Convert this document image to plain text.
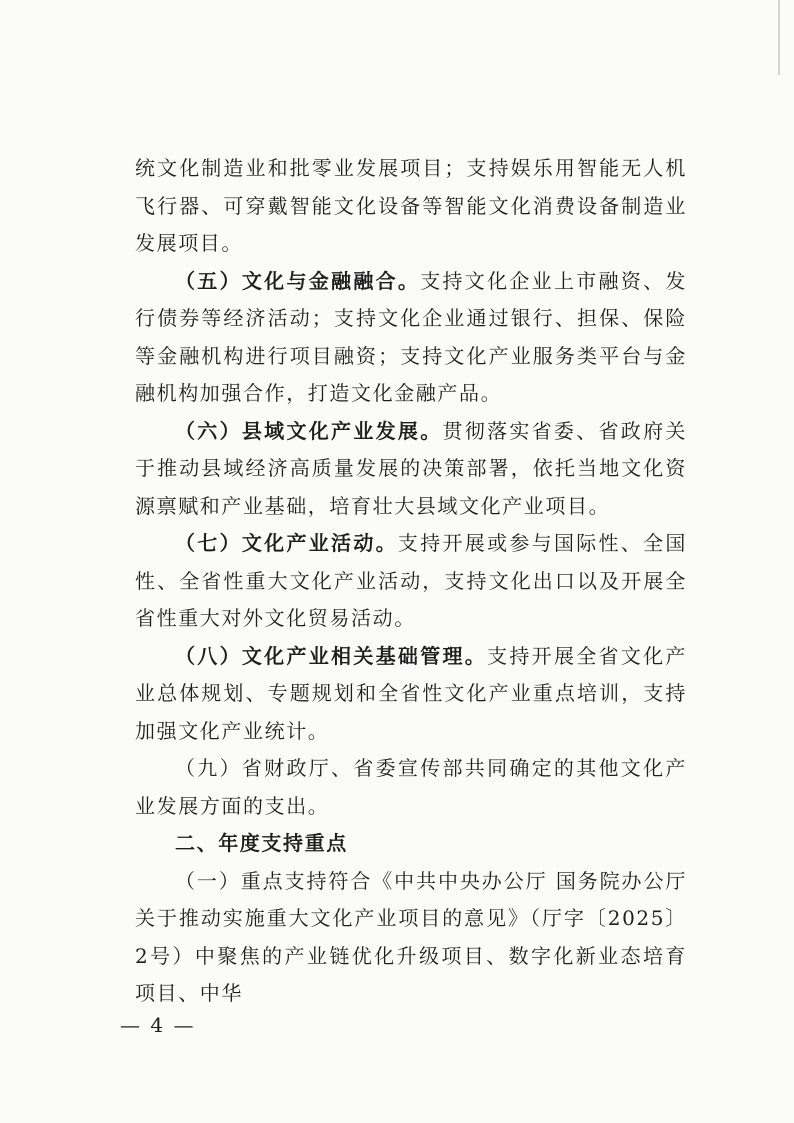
统文化制造业和批零业发展项目；支持娱乐用智能无人机飞行器、可穿戴智能文化设备等智能文化消费设备制造业发展项目。

（五）文化与金融融合。支持文化企业上市融资、发行债券等经济活动；支持文化企业通过银行、担保、保险等金融机构进行项目融资；支持文化产业服务类平台与金融机构加强合作，打造文化金融产品。

（六）县域文化产业发展。贯彻落实省委、省政府关于推动县域经济高质量发展的决策部署，依托当地文化资源禀赋和产业基础，培育壮大县域文化产业项目。

（七）文化产业活动。支持开展或参与国际性、全国性、全省性重大文化产业活动，支持文化出口以及开展全省性重大对外文化贸易活动。

（八）文化产业相关基础管理。支持开展全省文化产业总体规划、专题规划和全省性文化产业重点培训，支持加强文化产业统计。

（九）省财政厅、省委宣传部共同确定的其他文化产业发展方面的支出。

二、年度支持重点

（一）重点支持符合《中共中央办公厅 国务院办公厅关于推动实施重大文化产业项目的意见》（厅字〔2025〕2号）中聚焦的产业链优化升级项目、数字化新业态培育项目、中华

— 4 —
